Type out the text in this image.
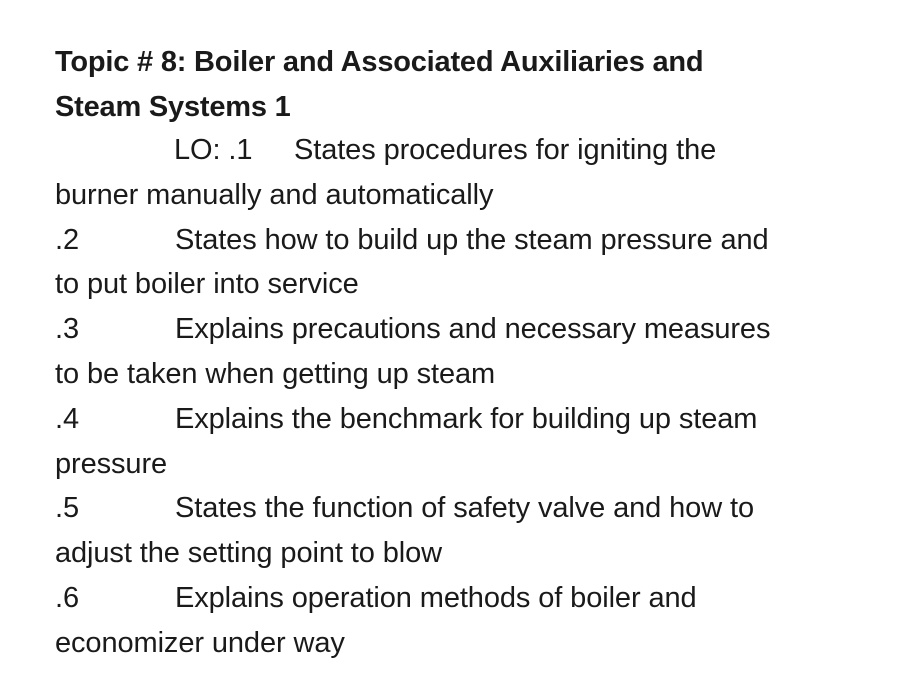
Topic # 8: Boiler and Associated Auxiliaries and
Steam Systems 1
LO: .1 States procedures for igniting the
burner manually and automatically
.2	States how to build up the steam pressure and
to put boiler into service
.3	Explains precautions and necessary measures
to be taken when getting up steam
.4	Explains the benchmark for building up steam
pressure
.5	States the function of safety valve and how to
adjust the setting point to blow
.6	Explains operation methods of boiler and
economizer under way
